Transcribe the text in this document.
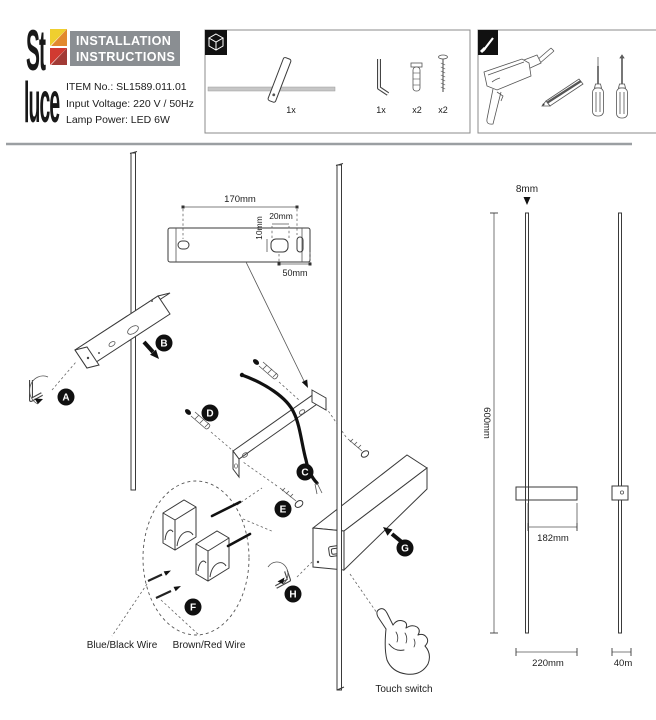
St
luce
INSTALLATION
INSTRUCTIONS
ITEM No.: SL1589.011.01
Input Voltage: 220 V / 50Hz
Lamp Power: LED 6W
1x	1x	x2 x2
A
B
170mm
20mm
10mm
50mm
D
E
C
F
Blue/Black Wire Brown/Red Wire
G
H
Touch switch
8mm
600mm
182mm
220mm	40m
